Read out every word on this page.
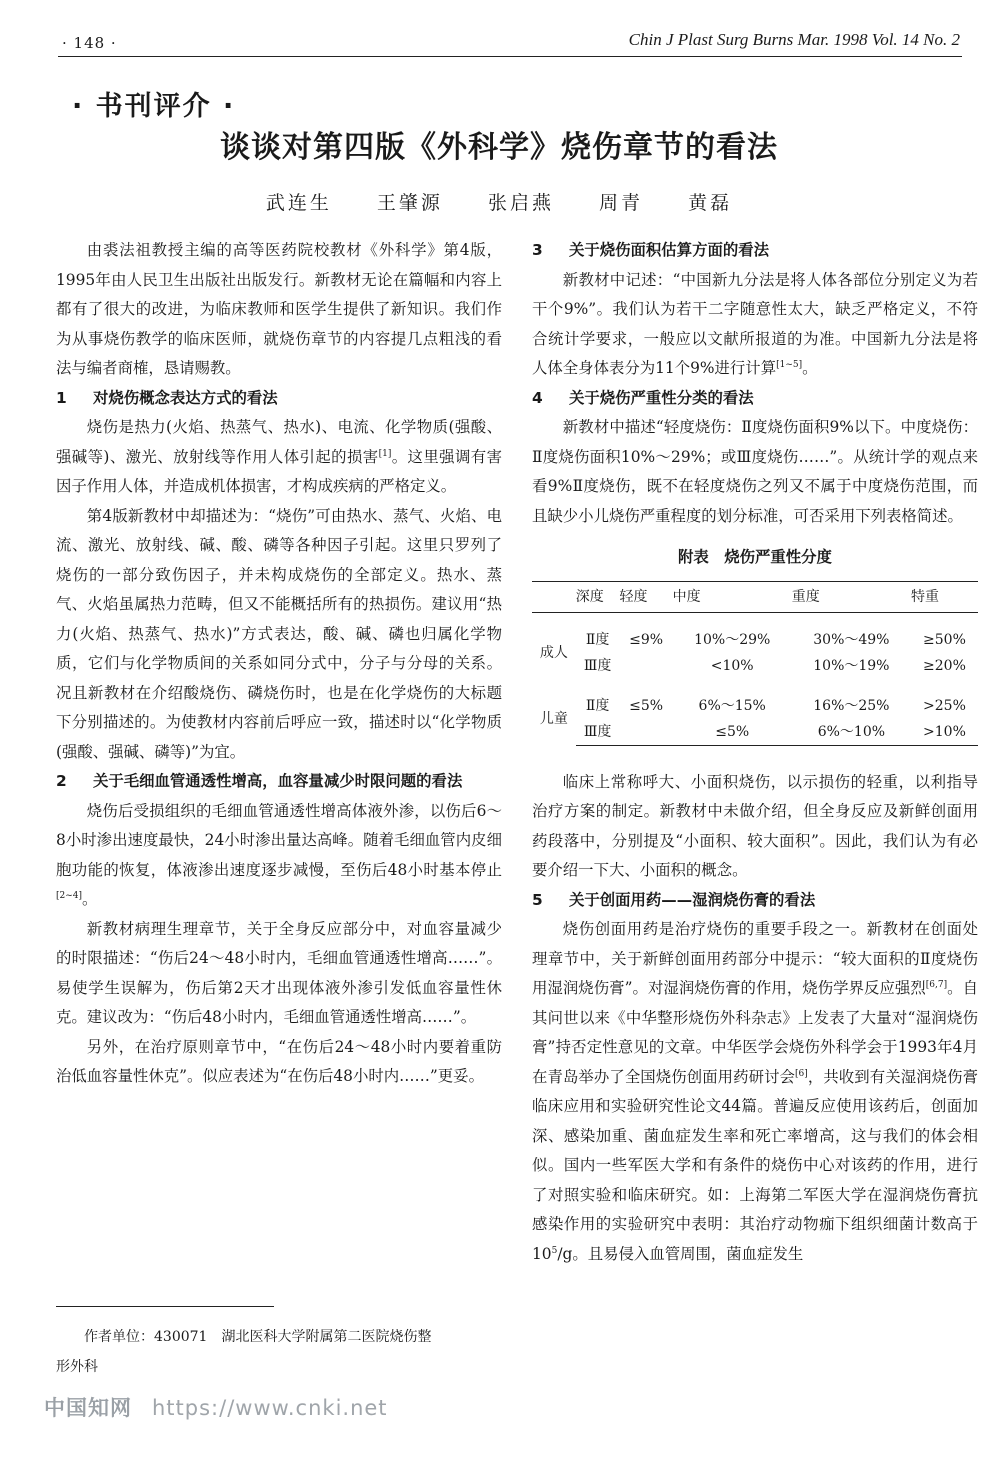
· 148 ·	Chin J Plast Surg Burns Mar. 1998 Vol. 14 No. 2
· 书刊评介 ·
谈谈对第四版《外科学》烧伤章节的看法
武连生 王肇源 张启燕 周青 黄磊

由裘法祖教授主编的高等医药院校教材《外科学》第4版，1995年由人民卫生出版社出版发行。新教材无论在篇幅和内容上都有了很大的改进，为临床教师和医学生提供了新知识。我们作为从事烧伤教学的临床医师，就烧伤章节的内容提几点粗浅的看法与编者商榷，恳请赐教。

1 对烧伤概念表达方式的看法

烧伤是热力(火焰、热蒸气、热水)、电流、化学物质(强酸、强碱等)、激光、放射线等作用人体引起的损害[1]。这里强调有害因子作用人体，并造成机体损害，才构成疾病的严格定义。

第4版新教材中却描述为：“烧伤”可由热水、蒸气、火焰、电流、激光、放射线、碱、酸、磷等各种因子引起。这里只罗列了烧伤的一部分致伤因子，并未构成烧伤的全部定义。热水、蒸气、火焰虽属热力范畴，但又不能概括所有的热损伤。建议用“热力(火焰、热蒸气、热水)”方式表达，酸、碱、磷也归属化学物质，它们与化学物质间的关系如同分式中，分子与分母的关系。况且新教材在介绍酸烧伤、磷烧伤时，也是在化学烧伤的大标题下分别描述的。为使教材内容前后呼应一致，描述时以“化学物质(强酸、强碱、磷等)”为宜。

2 关于毛细血管通透性增高，血容量减少时限问题的看法

烧伤后受损组织的毛细血管通透性增高体液外渗，以伤后6～8小时渗出速度最快，24小时渗出量达高峰。随着毛细血管内皮细胞功能的恢复，体液渗出速度逐步减慢，至伤后48小时基本停止[2~4]。

新教材病理生理章节，关于全身反应部分中，对血容量减少的时限描述：“伤后24～48小时内，毛细血管通透性增高……”。易使学生误解为，伤后第2天才出现体液外渗引发低血容量性休克。建议改为：“伤后48小时内，毛细血管通透性增高……”。

另外，在治疗原则章节中，“在伤后24～48小时内要着重防治低血容量性休克”。似应表述为“在伤后48小时内……”更妥。

3 关于烧伤面积估算方面的看法

新教材中记述：“中国新九分法是将人体各部位分别定义为若干个9%”。我们认为若干二字随意性太大，缺乏严格定义，不符合统计学要求，一般应以文献所报道的为准。中国新九分法是将人体全身体表分为11个9%进行计算[1~5]。

4 关于烧伤严重性分类的看法

新教材中描述“轻度烧伤：Ⅱ度烧伤面积9%以下。中度烧伤：Ⅱ度烧伤面积10%～29%；或Ⅲ度烧伤……”。从统计学的观点来看9%Ⅱ度烧伤，既不在轻度烧伤之列又不属于中度烧伤范围，而且缺少小儿烧伤严重程度的划分标准，可否采用下列表格简述。

附表　烧伤严重性分度
	深度	轻度	中度	重度	特重

成人	Ⅱ度	≤9%	10%～29%	30%～49%	≥50%
	Ⅲ度		<10%	10%～19%	≥20%

儿童	Ⅱ度	≤5%	6%～15%	16%～25%	>25%
	Ⅲ度		≤5%	6%～10%	>10%

临床上常称呼大、小面积烧伤，以示损伤的轻重，以利指导治疗方案的制定。新教材中未做介绍，但全身反应及新鲜创面用药段落中，分别提及“小面积、较大面积”。因此，我们认为有必要介绍一下大、小面积的概念。

5 关于创面用药——湿润烧伤膏的看法

烧伤创面用药是治疗烧伤的重要手段之一。新教材在创面处理章节中，关于新鲜创面用药部分中提示：“较大面积的Ⅱ度烧伤用湿润烧伤膏”。对湿润烧伤膏的作用，烧伤学界反应强烈[6,7]。自其问世以来《中华整形烧伤外科杂志》上发表了大量对“湿润烧伤膏”持否定性意见的文章。中华医学会烧伤外科学会于1993年4月在青岛举办了全国烧伤创面用药研讨会[6]，共收到有关湿润烧伤膏临床应用和实验研究性论文44篇。普遍反应使用该药后，创面加深、感染加重、菌血症发生率和死亡率增高，这与我们的体会相似。国内一些军医大学和有条件的烧伤中心对该药的作用，进行了对照实验和临床研究。如：上海第二军医大学在湿润烧伤膏抗感染作用的实验研究中表明：其治疗动物痂下组织细菌计数高于$10^5/g$。且易侵入血管周围，菌血症发生

作者单位：430071　湖北医科大学附属第二医院烧伤整
形外科
中国知网 https://www.cnki.net
